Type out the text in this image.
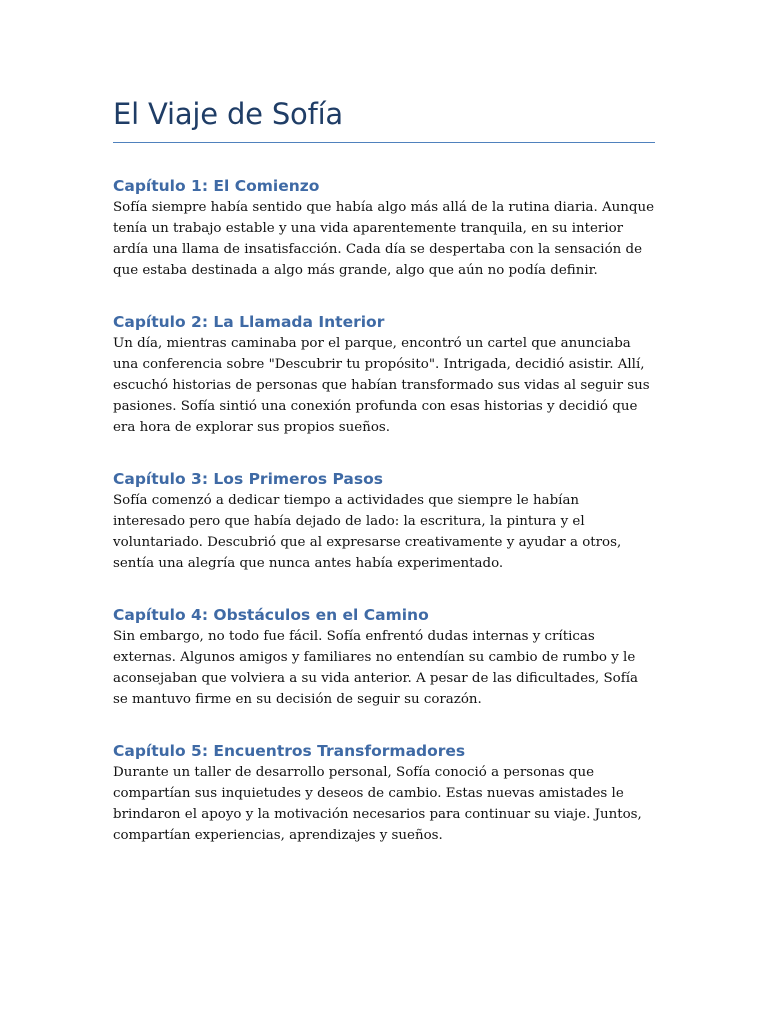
El Viaje de Sofía
Capítulo 1: El Comienzo

Sofía siempre había sentido que había algo más allá de la rutina diaria. Aunque tenía un trabajo estable y una vida aparentemente tranquila, en su interior ardía una llama de insatisfacción. Cada día se despertaba con la sensación de que estaba destinada a algo más grande, algo que aún no podía definir.

Capítulo 2: La Llamada Interior

Un día, mientras caminaba por el parque, encontró un cartel que anunciaba una conferencia sobre "Descubrir tu propósito". Intrigada, decidió asistir. Allí, escuchó historias de personas que habían transformado sus vidas al seguir sus pasiones. Sofía sintió una conexión profunda con esas historias y decidió que era hora de explorar sus propios sueños.

Capítulo 3: Los Primeros Pasos

Sofía comenzó a dedicar tiempo a actividades que siempre le habían interesado pero que había dejado de lado: la escritura, la pintura y el voluntariado. Descubrió que al expresarse creativamente y ayudar a otros, sentía una alegría que nunca antes había experimentado.

Capítulo 4: Obstáculos en el Camino

Sin embargo, no todo fue fácil. Sofía enfrentó dudas internas y críticas externas. Algunos amigos y familiares no entendían su cambio de rumbo y le aconsejaban que volviera a su vida anterior. A pesar de las dificultades, Sofía se mantuvo firme en su decisión de seguir su corazón.

Capítulo 5: Encuentros Transformadores

Durante un taller de desarrollo personal, Sofía conoció a personas que compartían sus inquietudes y deseos de cambio. Estas nuevas amistades le brindaron el apoyo y la motivación necesarios para continuar su viaje. Juntos, compartían experiencias, aprendizajes y sueños.
